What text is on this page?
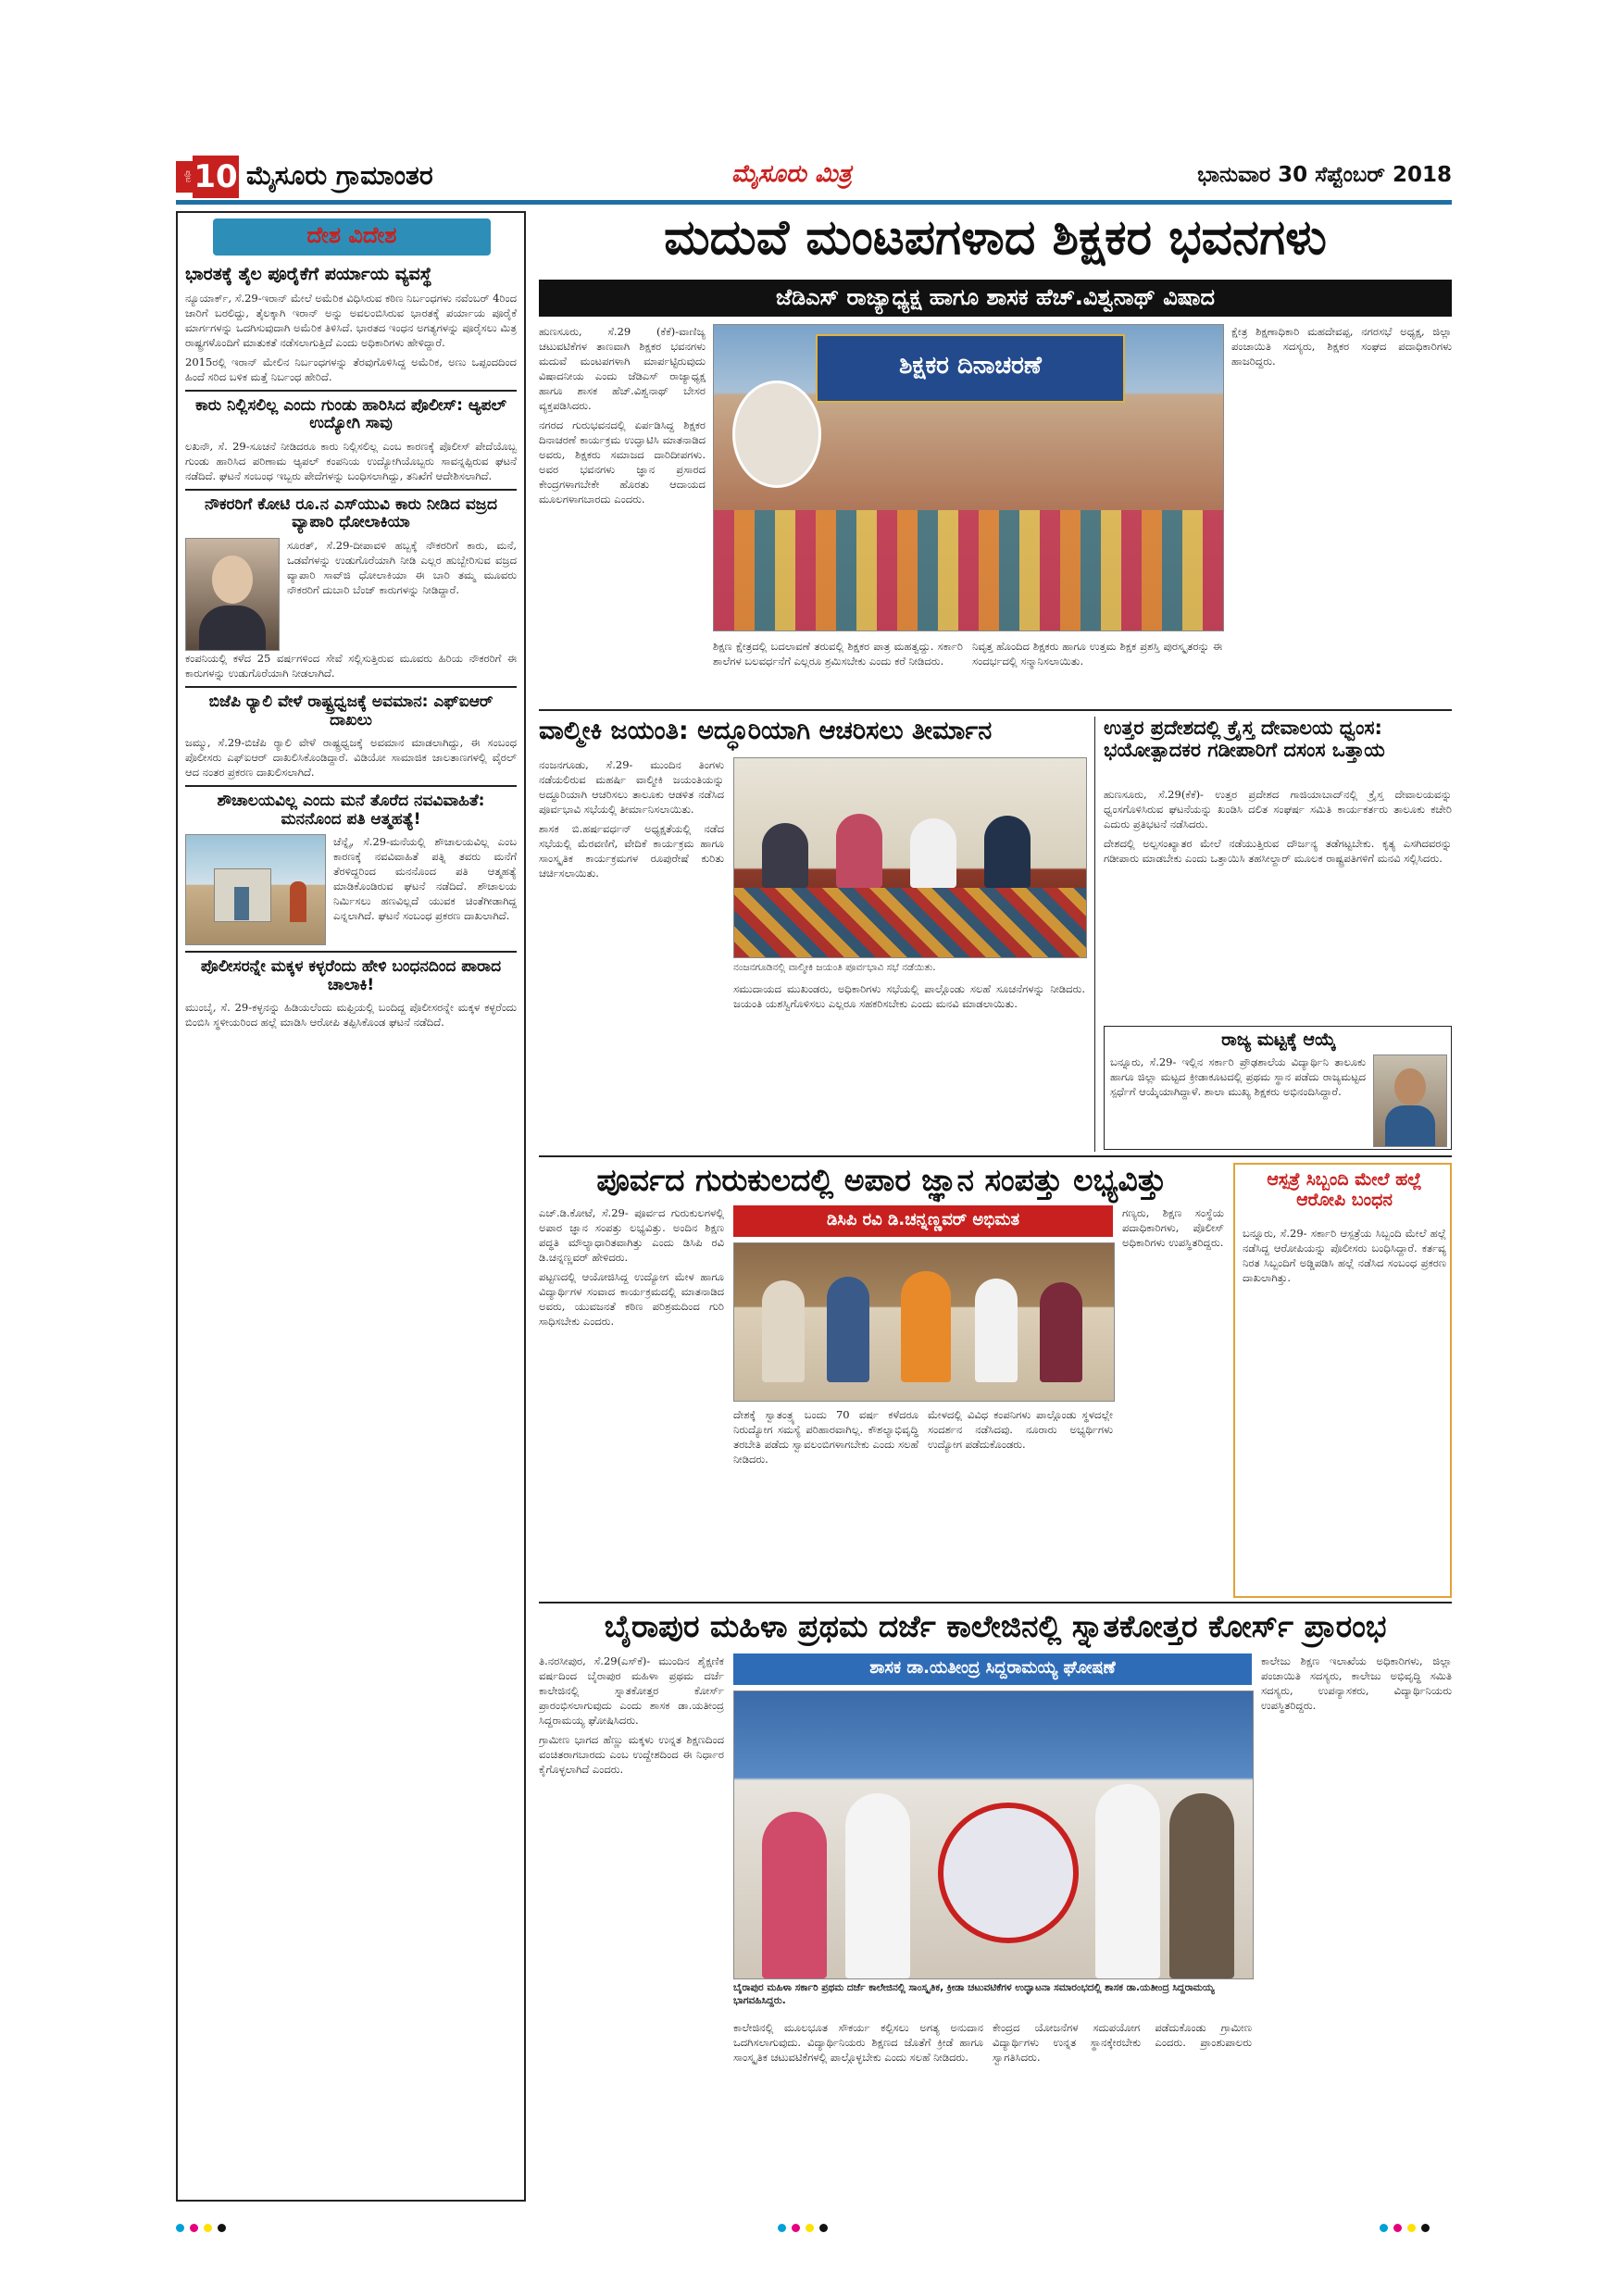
ಪುಟ 10 ಮೈಸೂರು ಗ್ರಾಮಾಂತರ	ಮೈಸೂರು ಮಿತ್ರ	ಭಾನುವಾರ 30 ಸೆಪ್ಟೆಂಬರ್ 2018
ದೇಶ ವಿದೇಶ
ಭಾರತಕ್ಕೆ ತೈಲ ಪೂರೈಕೆಗೆ ಪರ್ಯಾಯ ವ್ಯವಸ್ಥೆ

ನ್ಯೂಯಾರ್ಕ್, ಸೆ.29-ಇರಾನ್ ಮೇಲೆ ಅಮೆರಿಕ ವಿಧಿಸಿರುವ ಕಠಿಣ ನಿರ್ಬಂಧಗಳು ನವೆಂಬರ್ 4ರಿಂದ ಜಾರಿಗೆ ಬರಲಿದ್ದು, ತೈಲಕ್ಕಾಗಿ ಇರಾನ್ ಅನ್ನು ಅವಲಂಬಿಸಿರುವ ಭಾರತಕ್ಕೆ ಪರ್ಯಾಯ ಪೂರೈಕೆ ಮಾರ್ಗಗಳನ್ನು ಒದಗಿಸುವುದಾಗಿ ಅಮೆರಿಕ ತಿಳಿಸಿದೆ. ಭಾರತದ ಇಂಧನ ಅಗತ್ಯಗಳನ್ನು ಪೂರೈಸಲು ಮಿತ್ರ ರಾಷ್ಟ್ರಗಳೊಂದಿಗೆ ಮಾತುಕತೆ ನಡೆಸಲಾಗುತ್ತಿದೆ ಎಂದು ಅಧಿಕಾರಿಗಳು ಹೇಳಿದ್ದಾರೆ.

2015ರಲ್ಲಿ ಇರಾನ್ ಮೇಲಿನ ನಿರ್ಬಂಧಗಳನ್ನು ತೆರವುಗೊಳಿಸಿದ್ದ ಅಮೆರಿಕ, ಅಣು ಒಪ್ಪಂದದಿಂದ ಹಿಂದೆ ಸರಿದ ಬಳಿಕ ಮತ್ತೆ ನಿರ್ಬಂಧ ಹೇರಿದೆ.

ಕಾರು ನಿಲ್ಲಿಸಲಿಲ್ಲ ಎಂದು ಗುಂಡು ಹಾರಿಸಿದ ಪೊಲೀಸ್: ಆ್ಯಪಲ್ ಉದ್ಯೋಗಿ ಸಾವು

ಲಖನೌ, ಸೆ. 29-ಸೂಚನೆ ನೀಡಿದರೂ ಕಾರು ನಿಲ್ಲಿಸಲಿಲ್ಲ ಎಂಬ ಕಾರಣಕ್ಕೆ ಪೊಲೀಸ್ ಪೇದೆಯೊಬ್ಬ ಗುಂಡು ಹಾರಿಸಿದ ಪರಿಣಾಮ ಆ್ಯಪಲ್ ಕಂಪನಿಯ ಉದ್ಯೋಗಿಯೊಬ್ಬರು ಸಾವನ್ನಪ್ಪಿರುವ ಘಟನೆ ನಡೆದಿದೆ. ಘಟನೆ ಸಂಬಂಧ ಇಬ್ಬರು ಪೇದೆಗಳನ್ನು ಬಂಧಿಸಲಾಗಿದ್ದು, ತನಿಖೆಗೆ ಆದೇಶಿಸಲಾಗಿದೆ.

ನೌಕರರಿಗೆ ಕೋಟಿ ರೂ.ನ ಎಸ್‌ಯುವಿ ಕಾರು ನೀಡಿದ ವಜ್ರದ ವ್ಯಾಪಾರಿ ಧೋಲಾಕಿಯಾ

ಸೂರತ್, ಸೆ.29-ದೀಪಾವಳಿ ಹಬ್ಬಕ್ಕೆ ನೌಕರರಿಗೆ ಕಾರು, ಮನೆ, ಒಡವೆಗಳನ್ನು ಉಡುಗೊರೆಯಾಗಿ ನೀಡಿ ಎಲ್ಲರ ಹುಬ್ಬೇರಿಸುವ ವಜ್ರದ ವ್ಯಾಪಾರಿ ಸಾವ್‌ಜಿ ಧೋಲಾಕಿಯಾ ಈ ಬಾರಿ ತಮ್ಮ ಮೂವರು ನೌಕರರಿಗೆ ದುಬಾರಿ ಬೆಂಜ್ ಕಾರುಗಳನ್ನು ನೀಡಿದ್ದಾರೆ.

ಕಂಪನಿಯಲ್ಲಿ ಕಳೆದ 25 ವರ್ಷಗಳಿಂದ ಸೇವೆ ಸಲ್ಲಿಸುತ್ತಿರುವ ಮೂವರು ಹಿರಿಯ ನೌಕರರಿಗೆ ಈ ಕಾರುಗಳನ್ನು ಉಡುಗೊರೆಯಾಗಿ ನೀಡಲಾಗಿದೆ.

ಬಿಜೆಪಿ ರ್‍ಯಾಲಿ ವೇಳೆ ರಾಷ್ಟ್ರಧ್ವಜಕ್ಕೆ ಅವಮಾನ: ಎಫ್‌ಐಆರ್ ದಾಖಲು

ಜಮ್ಮು, ಸೆ.29-ಬಿಜೆಪಿ ರ್‍ಯಾಲಿ ವೇಳೆ ರಾಷ್ಟ್ರಧ್ವಜಕ್ಕೆ ಅವಮಾನ ಮಾಡಲಾಗಿದ್ದು, ಈ ಸಂಬಂಧ ಪೊಲೀಸರು ಎಫ್‌ಐಆರ್ ದಾಖಲಿಸಿಕೊಂಡಿದ್ದಾರೆ. ವಿಡಿಯೋ ಸಾಮಾಜಿಕ ಜಾಲತಾಣಗಳಲ್ಲಿ ವೈರಲ್ ಆದ ನಂತರ ಪ್ರಕರಣ ದಾಖಲಿಸಲಾಗಿದೆ.

ಶೌಚಾಲಯವಿಲ್ಲ ಎಂದು ಮನೆ ತೊರೆದ ನವವಿವಾಹಿತೆ: ಮನನೊಂದ ಪತಿ ಆತ್ಮಹತ್ಯೆ!

ಚೆನ್ನೈ, ಸೆ.29-ಮನೆಯಲ್ಲಿ ಶೌಚಾಲಯವಿಲ್ಲ ಎಂಬ ಕಾರಣಕ್ಕೆ ನವವಿವಾಹಿತೆ ಪತ್ನಿ ತವರು ಮನೆಗೆ ತೆರಳಿದ್ದರಿಂದ ಮನನೊಂದ ಪತಿ ಆತ್ಮಹತ್ಯೆ ಮಾಡಿಕೊಂಡಿರುವ ಘಟನೆ ನಡೆದಿದೆ. ಶೌಚಾಲಯ ನಿರ್ಮಿಸಲು ಹಣವಿಲ್ಲದೆ ಯುವಕ ಚಿಂತೆಗೀಡಾಗಿದ್ದ ಎನ್ನಲಾಗಿದೆ. ಘಟನೆ ಸಂಬಂಧ ಪ್ರಕರಣ ದಾಖಲಾಗಿದೆ.

ಪೊಲೀಸರನ್ನೇ ಮಕ್ಕಳ ಕಳ್ಳರೆಂದು ಹೇಳಿ ಬಂಧನದಿಂದ ಪಾರಾದ ಚಾಲಾಕಿ!

ಮುಂಬೈ, ಸೆ. 29-ಕಳ್ಳನನ್ನು ಹಿಡಿಯಲೆಂದು ಮಫ್ತಿಯಲ್ಲಿ ಬಂದಿದ್ದ ಪೊಲೀಸರನ್ನೇ ಮಕ್ಕಳ ಕಳ್ಳರೆಂದು ಬಿಂಬಿಸಿ ಸ್ಥಳೀಯರಿಂದ ಹಲ್ಲೆ ಮಾಡಿಸಿ ಆರೋಪಿ ತಪ್ಪಿಸಿಕೊಂಡ ಘಟನೆ ನಡೆದಿದೆ.

ಮದುವೆ ಮಂಟಪಗಳಾದ ಶಿಕ್ಷಕರ ಭವನಗಳು
ಜೆಡಿಎಸ್ ರಾಜ್ಯಾಧ್ಯಕ್ಷ ಹಾಗೂ ಶಾಸಕ ಹೆಚ್.ವಿಶ್ವನಾಥ್ ವಿಷಾದ

ಹುಣಸೂರು, ಸೆ.29 (ಕೆಕೆ)-ವಾಣಿಜ್ಯ ಚಟುವಟಿಕೆಗಳ ತಾಣವಾಗಿ ಶಿಕ್ಷಕರ ಭವನಗಳು ಮದುವೆ ಮಂಟಪಗಳಾಗಿ ಮಾರ್ಪಟ್ಟಿರುವುದು ವಿಷಾದನೀಯ ಎಂದು ಜೆಡಿಎಸ್ ರಾಜ್ಯಾಧ್ಯಕ್ಷ ಹಾಗೂ ಶಾಸಕ ಹೆಚ್.ವಿಶ್ವನಾಥ್ ಬೇಸರ ವ್ಯಕ್ತಪಡಿಸಿದರು.

ನಗರದ ಗುರುಭವನದಲ್ಲಿ ಏರ್ಪಡಿಸಿದ್ದ ಶಿಕ್ಷಕರ ದಿನಾಚರಣೆ ಕಾರ್ಯಕ್ರಮ ಉದ್ಘಾಟಿಸಿ ಮಾತನಾಡಿದ ಅವರು, ಶಿಕ್ಷಕರು ಸಮಾಜದ ದಾರಿದೀಪಗಳು. ಅವರ ಭವನಗಳು ಜ್ಞಾನ ಪ್ರಸಾರದ ಕೇಂದ್ರಗಳಾಗಬೇಕೇ ಹೊರತು ಆದಾಯದ ಮೂಲಗಳಾಗಬಾರದು ಎಂದರು.

ಶಿಕ್ಷಕರ ದಿನಾಚರಣೆ

ಶಿಕ್ಷಣ ಕ್ಷೇತ್ರದಲ್ಲಿ ಬದಲಾವಣೆ ತರುವಲ್ಲಿ ಶಿಕ್ಷಕರ ಪಾತ್ರ ಮಹತ್ವದ್ದು. ಸರ್ಕಾರಿ ಶಾಲೆಗಳ ಬಲವರ್ಧನೆಗೆ ಎಲ್ಲರೂ ಶ್ರಮಿಸಬೇಕು ಎಂದು ಕರೆ ನೀಡಿದರು.

ನಿವೃತ್ತ ಹೊಂದಿದ ಶಿಕ್ಷಕರು ಹಾಗೂ ಉತ್ತಮ ಶಿಕ್ಷಕ ಪ್ರಶಸ್ತಿ ಪುರಸ್ಕೃತರನ್ನು ಈ ಸಂದರ್ಭದಲ್ಲಿ ಸನ್ಮಾನಿಸಲಾಯಿತು.

ಕ್ಷೇತ್ರ ಶಿಕ್ಷಣಾಧಿಕಾರಿ ಮಹದೇವಪ್ಪ, ನಗರಸಭೆ ಅಧ್ಯಕ್ಷ, ಜಿಲ್ಲಾ ಪಂಚಾಯಿತಿ ಸದಸ್ಯರು, ಶಿಕ್ಷಕರ ಸಂಘದ ಪದಾಧಿಕಾರಿಗಳು ಹಾಜರಿದ್ದರು.

ವಾಲ್ಮೀಕಿ ಜಯಂತಿ: ಅದ್ಧೂರಿಯಾಗಿ ಆಚರಿಸಲು ತೀರ್ಮಾನ

ನಂಜನಗೂಡು, ಸೆ.29- ಮುಂದಿನ ತಿಂಗಳು ನಡೆಯಲಿರುವ ಮಹರ್ಷಿ ವಾಲ್ಮೀಕಿ ಜಯಂತಿಯನ್ನು ಅದ್ಧೂರಿಯಾಗಿ ಆಚರಿಸಲು ತಾಲೂಕು ಆಡಳಿತ ನಡೆಸಿದ ಪೂರ್ವಭಾವಿ ಸಭೆಯಲ್ಲಿ ತೀರ್ಮಾನಿಸಲಾಯಿತು.

ಶಾಸಕ ಬಿ.ಹರ್ಷವರ್ಧನ್ ಅಧ್ಯಕ್ಷತೆಯಲ್ಲಿ ನಡೆದ ಸಭೆಯಲ್ಲಿ ಮೆರವಣಿಗೆ, ವೇದಿಕೆ ಕಾರ್ಯಕ್ರಮ ಹಾಗೂ ಸಾಂಸ್ಕೃತಿಕ ಕಾರ್ಯಕ್ರಮಗಳ ರೂಪುರೇಷೆ ಕುರಿತು ಚರ್ಚಿಸಲಾಯಿತು.

ನಂಜನಗೂಡಿನಲ್ಲಿ ವಾಲ್ಮೀಕಿ ಜಯಂತಿ ಪೂರ್ವಭಾವಿ ಸಭೆ ನಡೆಯಿತು.

ಸಮುದಾಯದ ಮುಖಂಡರು, ಅಧಿಕಾರಿಗಳು ಸಭೆಯಲ್ಲಿ ಪಾಲ್ಗೊಂಡು ಸಲಹೆ ಸೂಚನೆಗಳನ್ನು ನೀಡಿದರು. ಜಯಂತಿ ಯಶಸ್ವಿಗೊಳಿಸಲು ಎಲ್ಲರೂ ಸಹಕರಿಸಬೇಕು ಎಂದು ಮನವಿ ಮಾಡಲಾಯಿತು.

ಉತ್ತರ ಪ್ರದೇಶದಲ್ಲಿ ಕ್ರೈಸ್ತ ದೇವಾಲಯ ಧ್ವಂಸ: ಭಯೋತ್ಪಾದಕರ ಗಡೀಪಾರಿಗೆ ದಸಂಸ ಒತ್ತಾಯ

ಹುಣಸೂರು, ಸೆ.29(ಕೆಕೆ)- ಉತ್ತರ ಪ್ರದೇಶದ ಗಾಜಿಯಾಬಾದ್‌ನಲ್ಲಿ ಕ್ರೈಸ್ತ ದೇವಾಲಯವನ್ನು ಧ್ವಂಸಗೊಳಿಸಿರುವ ಘಟನೆಯನ್ನು ಖಂಡಿಸಿ ದಲಿತ ಸಂಘರ್ಷ ಸಮಿತಿ ಕಾರ್ಯಕರ್ತರು ತಾಲೂಕು ಕಚೇರಿ ಎದುರು ಪ್ರತಿಭಟನೆ ನಡೆಸಿದರು.

ದೇಶದಲ್ಲಿ ಅಲ್ಪಸಂಖ್ಯಾತರ ಮೇಲೆ ನಡೆಯುತ್ತಿರುವ ದೌರ್ಜನ್ಯ ತಡೆಗಟ್ಟಬೇಕು. ಕೃತ್ಯ ಎಸಗಿದವರನ್ನು ಗಡೀಪಾರು ಮಾಡಬೇಕು ಎಂದು ಒತ್ತಾಯಿಸಿ ತಹಸೀಲ್ದಾರ್ ಮೂಲಕ ರಾಷ್ಟ್ರಪತಿಗಳಿಗೆ ಮನವಿ ಸಲ್ಲಿಸಿದರು.

ರಾಜ್ಯ ಮಟ್ಟಕ್ಕೆ ಆಯ್ಕೆ

ಬನ್ನೂರು, ಸೆ.29- ಇಲ್ಲಿನ ಸರ್ಕಾರಿ ಪ್ರೌಢಶಾಲೆಯ ವಿದ್ಯಾರ್ಥಿನಿ ತಾಲೂಕು ಹಾಗೂ ಜಿಲ್ಲಾ ಮಟ್ಟದ ಕ್ರೀಡಾಕೂಟದಲ್ಲಿ ಪ್ರಥಮ ಸ್ಥಾನ ಪಡೆದು ರಾಜ್ಯಮಟ್ಟದ ಸ್ಪರ್ಧೆಗೆ ಆಯ್ಕೆಯಾಗಿದ್ದಾಳೆ. ಶಾಲಾ ಮುಖ್ಯ ಶಿಕ್ಷಕರು ಅಭಿನಂದಿಸಿದ್ದಾರೆ.

ಪೂರ್ವದ ಗುರುಕುಲದಲ್ಲಿ ಅಪಾರ ಜ್ಞಾನ ಸಂಪತ್ತು ಲಭ್ಯವಿತ್ತು

ಎಚ್.ಡಿ.ಕೋಟೆ, ಸೆ.29- ಪೂರ್ವದ ಗುರುಕುಲಗಳಲ್ಲಿ ಅಪಾರ ಜ್ಞಾನ ಸಂಪತ್ತು ಲಭ್ಯವಿತ್ತು. ಅಂದಿನ ಶಿಕ್ಷಣ ಪದ್ಧತಿ ಮೌಲ್ಯಾಧಾರಿತವಾಗಿತ್ತು ಎಂದು ಡಿಸಿಪಿ ರವಿ ಡಿ.ಚನ್ನಣ್ಣವರ್ ಹೇಳಿದರು.

ಪಟ್ಟಣದಲ್ಲಿ ಆಯೋಜಿಸಿದ್ದ ಉದ್ಯೋಗ ಮೇಳ ಹಾಗೂ ವಿದ್ಯಾರ್ಥಿಗಳ ಸಂವಾದ ಕಾರ್ಯಕ್ರಮದಲ್ಲಿ ಮಾತನಾಡಿದ ಅವರು, ಯುವಜನತೆ ಕಠಿಣ ಪರಿಶ್ರಮದಿಂದ ಗುರಿ ಸಾಧಿಸಬೇಕು ಎಂದರು.

ಡಿಸಿಪಿ ರವಿ ಡಿ.ಚನ್ನಣ್ಣವರ್ ಅಭಿಮತ

ದೇಶಕ್ಕೆ ಸ್ವಾತಂತ್ರ್ಯ ಬಂದು 70 ವರ್ಷ ಕಳೆದರೂ ನಿರುದ್ಯೋಗ ಸಮಸ್ಯೆ ಪರಿಹಾರವಾಗಿಲ್ಲ. ಕೌಶಲ್ಯಾಭಿವೃದ್ಧಿ ತರಬೇತಿ ಪಡೆದು ಸ್ವಾವಲಂಬಿಗಳಾಗಬೇಕು ಎಂದು ಸಲಹೆ ನೀಡಿದರು.

ಮೇಳದಲ್ಲಿ ವಿವಿಧ ಕಂಪನಿಗಳು ಪಾಲ್ಗೊಂಡು ಸ್ಥಳದಲ್ಲೇ ಸಂದರ್ಶನ ನಡೆಸಿದವು. ನೂರಾರು ಅಭ್ಯರ್ಥಿಗಳು ಉದ್ಯೋಗ ಪಡೆದುಕೊಂಡರು.

ಗಣ್ಯರು, ಶಿಕ್ಷಣ ಸಂಸ್ಥೆಯ ಪದಾಧಿಕಾರಿಗಳು, ಪೊಲೀಸ್ ಅಧಿಕಾರಿಗಳು ಉಪಸ್ಥಿತರಿದ್ದರು.

ಆಸ್ಪತ್ರೆ ಸಿಬ್ಬಂದಿ ಮೇಲೆ ಹಲ್ಲೆ ಆರೋಪಿ ಬಂಧನ

ಬನ್ನೂರು, ಸೆ.29- ಸರ್ಕಾರಿ ಆಸ್ಪತ್ರೆಯ ಸಿಬ್ಬಂದಿ ಮೇಲೆ ಹಲ್ಲೆ ನಡೆಸಿದ್ದ ಆರೋಪಿಯನ್ನು ಪೊಲೀಸರು ಬಂಧಿಸಿದ್ದಾರೆ. ಕರ್ತವ್ಯ ನಿರತ ಸಿಬ್ಬಂದಿಗೆ ಅಡ್ಡಿಪಡಿಸಿ ಹಲ್ಲೆ ನಡೆಸಿದ ಸಂಬಂಧ ಪ್ರಕರಣ ದಾಖಲಾಗಿತ್ತು.

ಬೈರಾಪುರ ಮಹಿಳಾ ಪ್ರಥಮ ದರ್ಜೆ ಕಾಲೇಜಿನಲ್ಲಿ ಸ್ನಾತಕೋತ್ತರ ಕೋರ್ಸ್ ಪ್ರಾರಂಭ

ತಿ.ನರಸೀಪುರ, ಸೆ.29(ಎಸ್‌ಕೆ)- ಮುಂದಿನ ಶೈಕ್ಷಣಿಕ ವರ್ಷದಿಂದ ಬೈರಾಪುರ ಮಹಿಳಾ ಪ್ರಥಮ ದರ್ಜೆ ಕಾಲೇಜಿನಲ್ಲಿ ಸ್ನಾತಕೋತ್ತರ ಕೋರ್ಸ್ ಪ್ರಾರಂಭಿಸಲಾಗುವುದು ಎಂದು ಶಾಸಕ ಡಾ.ಯತೀಂದ್ರ ಸಿದ್ದರಾಮಯ್ಯ ಘೋಷಿಸಿದರು.

ಗ್ರಾಮೀಣ ಭಾಗದ ಹೆಣ್ಣು ಮಕ್ಕಳು ಉನ್ನತ ಶಿಕ್ಷಣದಿಂದ ವಂಚಿತರಾಗಬಾರದು ಎಂಬ ಉದ್ದೇಶದಿಂದ ಈ ನಿರ್ಧಾರ ಕೈಗೊಳ್ಳಲಾಗಿದೆ ಎಂದರು.

ಶಾಸಕ ಡಾ.ಯತೀಂದ್ರ ಸಿದ್ದರಾಮಯ್ಯ ಘೋಷಣೆ
ಬೈರಾಪುರ ಮಹಿಳಾ ಸರ್ಕಾರಿ ಪ್ರಥಮ ದರ್ಜೆ ಕಾಲೇಜಿನಲ್ಲಿ ಸಾಂಸ್ಕೃತಿಕ, ಕ್ರೀಡಾ ಚಟುವಟಿಕೆಗಳ ಉದ್ಘಾಟನಾ ಸಮಾರಂಭದಲ್ಲಿ ಶಾಸಕ ಡಾ.ಯತೀಂದ್ರ ಸಿದ್ದರಾಮಯ್ಯ ಭಾಗವಹಿಸಿದ್ದರು.

ಕಾಲೇಜಿನಲ್ಲಿ ಮೂಲಭೂತ ಸೌಕರ್ಯ ಕಲ್ಪಿಸಲು ಅಗತ್ಯ ಅನುದಾನ ಒದಗಿಸಲಾಗುವುದು. ವಿದ್ಯಾರ್ಥಿನಿಯರು ಶಿಕ್ಷಣದ ಜೊತೆಗೆ ಕ್ರೀಡೆ ಹಾಗೂ ಸಾಂಸ್ಕೃತಿಕ ಚಟುವಟಿಕೆಗಳಲ್ಲಿ ಪಾಲ್ಗೊಳ್ಳಬೇಕು ಎಂದು ಸಲಹೆ ನೀಡಿದರು.

ಕೇಂದ್ರದ ಯೋಜನೆಗಳ ಸದುಪಯೋಗ ಪಡೆದುಕೊಂಡು ಗ್ರಾಮೀಣ ವಿದ್ಯಾರ್ಥಿಗಳು ಉನ್ನತ ಸ್ಥಾನಕ್ಕೇರಬೇಕು ಎಂದರು. ಪ್ರಾಂಶುಪಾಲರು ಸ್ವಾಗತಿಸಿದರು.

ಕಾಲೇಜು ಶಿಕ್ಷಣ ಇಲಾಖೆಯ ಅಧಿಕಾರಿಗಳು, ಜಿಲ್ಲಾ ಪಂಚಾಯಿತಿ ಸದಸ್ಯರು, ಕಾಲೇಜು ಅಭಿವೃದ್ಧಿ ಸಮಿತಿ ಸದಸ್ಯರು, ಉಪನ್ಯಾಸಕರು, ವಿದ್ಯಾರ್ಥಿನಿಯರು ಉಪಸ್ಥಿತರಿದ್ದರು.
